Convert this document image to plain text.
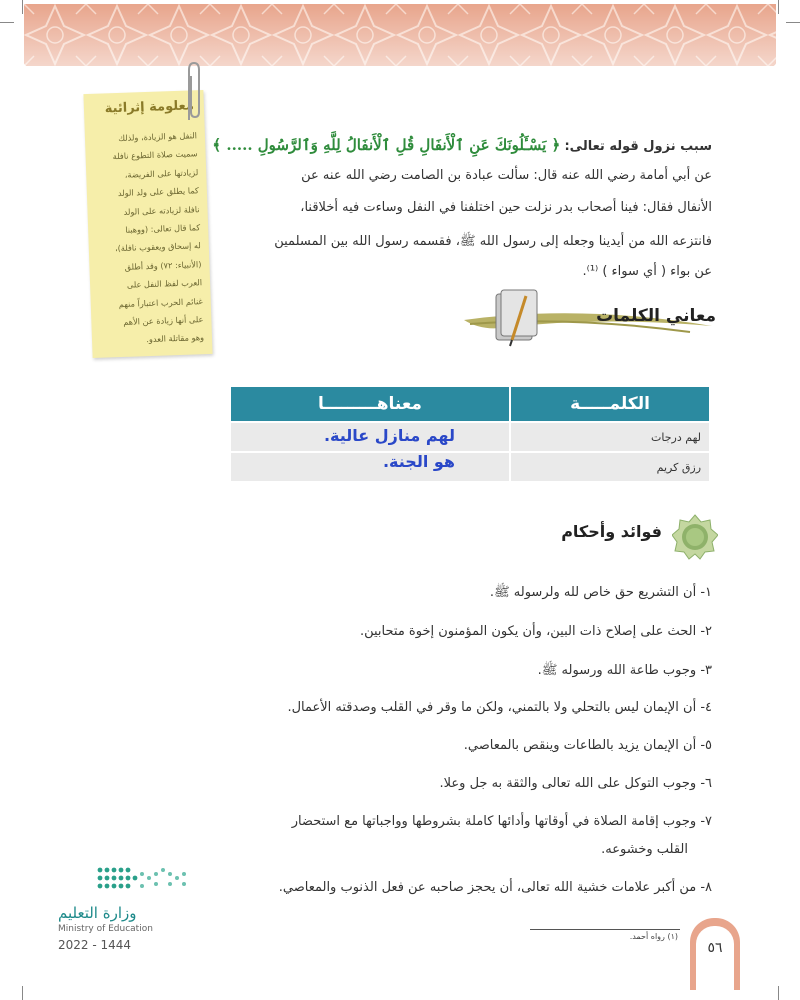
معلومة إثرائية
النفل هو الزيادة، ولذلك
سميت صلاة التطوع نافلة
لزيادتها على الفريضة،
كما يطلق على ولد الولد
نافلة لزيادته على الولد
كما قال تعالى: (ووهبنا
له إسحاق ويعقوب نافلة)،
(الأنبياء: ٧٢) وقد أطلق
العرب لفظ النفل على
غنائم الحرب اعتباراً منهم
على أنها زيادة عن الأهم
وهو مقاتلة العدو.
سبب نزول قوله تعالى: ﴿ يَسْـَٔلُونَكَ عَنِ ٱلْأَنفَالِ قُلِ ٱلْأَنفَالُ لِلَّهِ وَٱلرَّسُولِ ..... ﴾
عن أبي أمامة رضي الله عنه قال: سألت عبادة بن الصامت رضي الله عنه عن
الأنفال فقال: فينا أصحاب بدر نزلت حين اختلفنا في النفل وساءت فيه أخلاقنا،
فانتزعه الله من أيدينا وجعله إلى رسول الله ﷺ، فقسمه رسول الله بين المسلمين
عن بواء ( أي سواء ) ⁽¹⁾.
معاني الكلمات
الكلمـــــة
معناهـــــــــا
لهم درجات
رزق كريم
لهم منازل عالية.
هو الجنة.
فوائد وأحكام
١- أن التشريع حق خاص لله ولرسوله ﷺ.
٢- الحث على إصلاح ذات البين، وأن يكون المؤمنون إخوة متحابين.
٣- وجوب طاعة الله ورسوله ﷺ.
٤- أن الإيمان ليس بالتحلي ولا بالتمني، ولكن ما وقر في القلب وصدقته الأعمال.
٥- أن الإيمان يزيد بالطاعات وينقص بالمعاصي.
٦- وجوب التوكل على الله تعالى والثقة به جل وعلا.
٧- وجوب إقامة الصلاة في أوقاتها وأدائها كاملة بشروطها وواجباتها مع استحضار
القلب وخشوعه.
٨- من أكبر علامات خشية الله تعالى، أن يحجز صاحبه عن فعل الذنوب والمعاصي.
وزارة التعليم
Ministry of Education
2022 - 1444
(١) رواه أحمد.
٥٦
